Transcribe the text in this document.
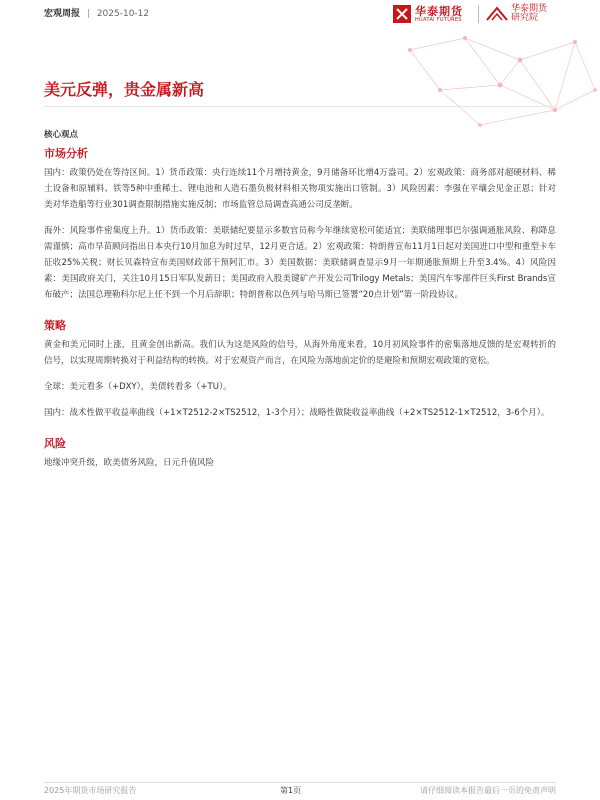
宏观周报 | 2025-10-12	华泰期货
HUATAI FUTURES
华泰期货
研究院
美元反弹，贵金属新高
核心观点
市场分析

国内：政策仍处在等待区间。1）货币政策：央行连续11个月增持黄金，9月储备环比增4万盎司。2）宏观政策：商务部对超硬材料、稀土设备和原辅料、铁等5种中重稀土、锂电池和人造石墨负极材料相关物项实施出口管制。3）风险因素：李强在平壤会见金正恩；针对美对华造船等行业301调查限制措施实施反制；市场监管总局调查高通公司反垄断。

海外：风险事件密集度上升。1）货币政策：美联储纪要显示多数官员称今年继续宽松可能适宜；美联储理事巴尔强调通胀风险、称降息需谨慎；高市早苗顾问指出日本央行10月加息为时过早，12月更合适。2）宏观政策：特朗普宣布11月1日起对美国进口中型和重型卡车征收25%关税；财长贝森特宣布美国财政部干预阿汇市。3）美国数据：美联储调查显示9月一年期通胀预期上升至3.4%。4）风险因素：美国政府关门，关注10月15日军队发薪日；美国政府入股美键矿产开发公司Trilogy Metals；美国汽车零部件巨头First Brands宣布破产；法国总理勒科尔尼上任不到一个月后辞职；特朗普称以色列与哈马斯已签署“20点计划”第一阶段协议。

策略

黄金和美元同时上涨，且黄金创出新高。我们认为这是风险的信号，从海外角度来看，10月初风险事件的密集落地反馈的是宏观转折的信号，以实现周期转换对于利益结构的转换。对于宏观资产而言，在风险为落地前定价的是避险和预期宏观政策的宽松。

全球：美元看多（+DXY），美债转看多（+TU）。

国内：战术性做平收益率曲线（+1×T2512-2×TS2512，1-3个月）；战略性做陡收益率曲线（+2×TS2512-1×T2512，3-6个月）。

风险

地缘冲突升级，欧美债务风险，日元升值风险

2025年期货市场研究报告	第1页	请仔细阅读本报告最后一页的免责声明
